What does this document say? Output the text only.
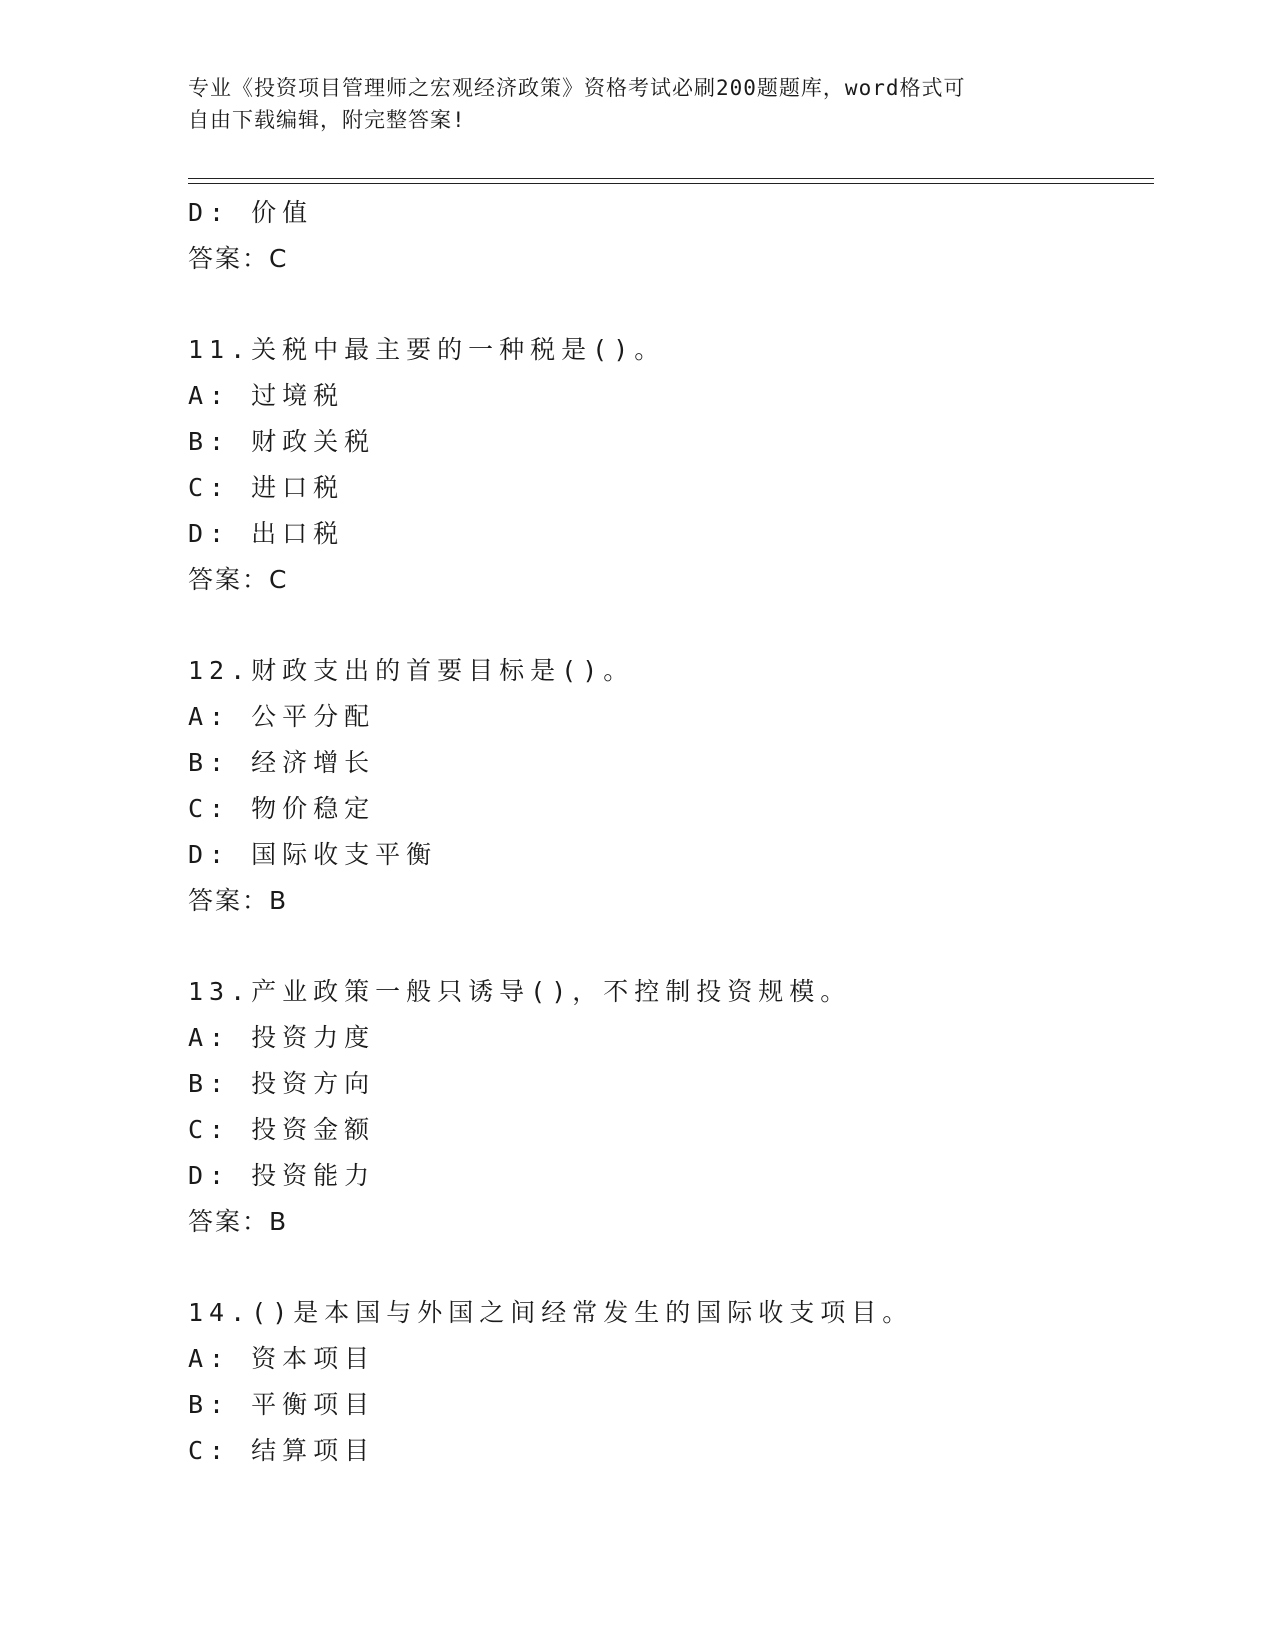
专业《投资项目管理师之宏观经济政策》资格考试必刷200题题库，word格式可

自由下载编辑，附完整答案!

D: 价值
答案：C
11.关税中最主要的一种税是()。
A: 过境税
B: 财政关税
C: 进口税
D: 出口税
答案：C
12.财政支出的首要目标是()。
A: 公平分配
B: 经济增长
C: 物价稳定
D: 国际收支平衡
答案：B
13.产业政策一般只诱导()，不控制投资规模。
A: 投资力度
B: 投资方向
C: 投资金额
D: 投资能力
答案：B
14.()是本国与外国之间经常发生的国际收支项目。
A: 资本项目
B: 平衡项目
C: 结算项目
